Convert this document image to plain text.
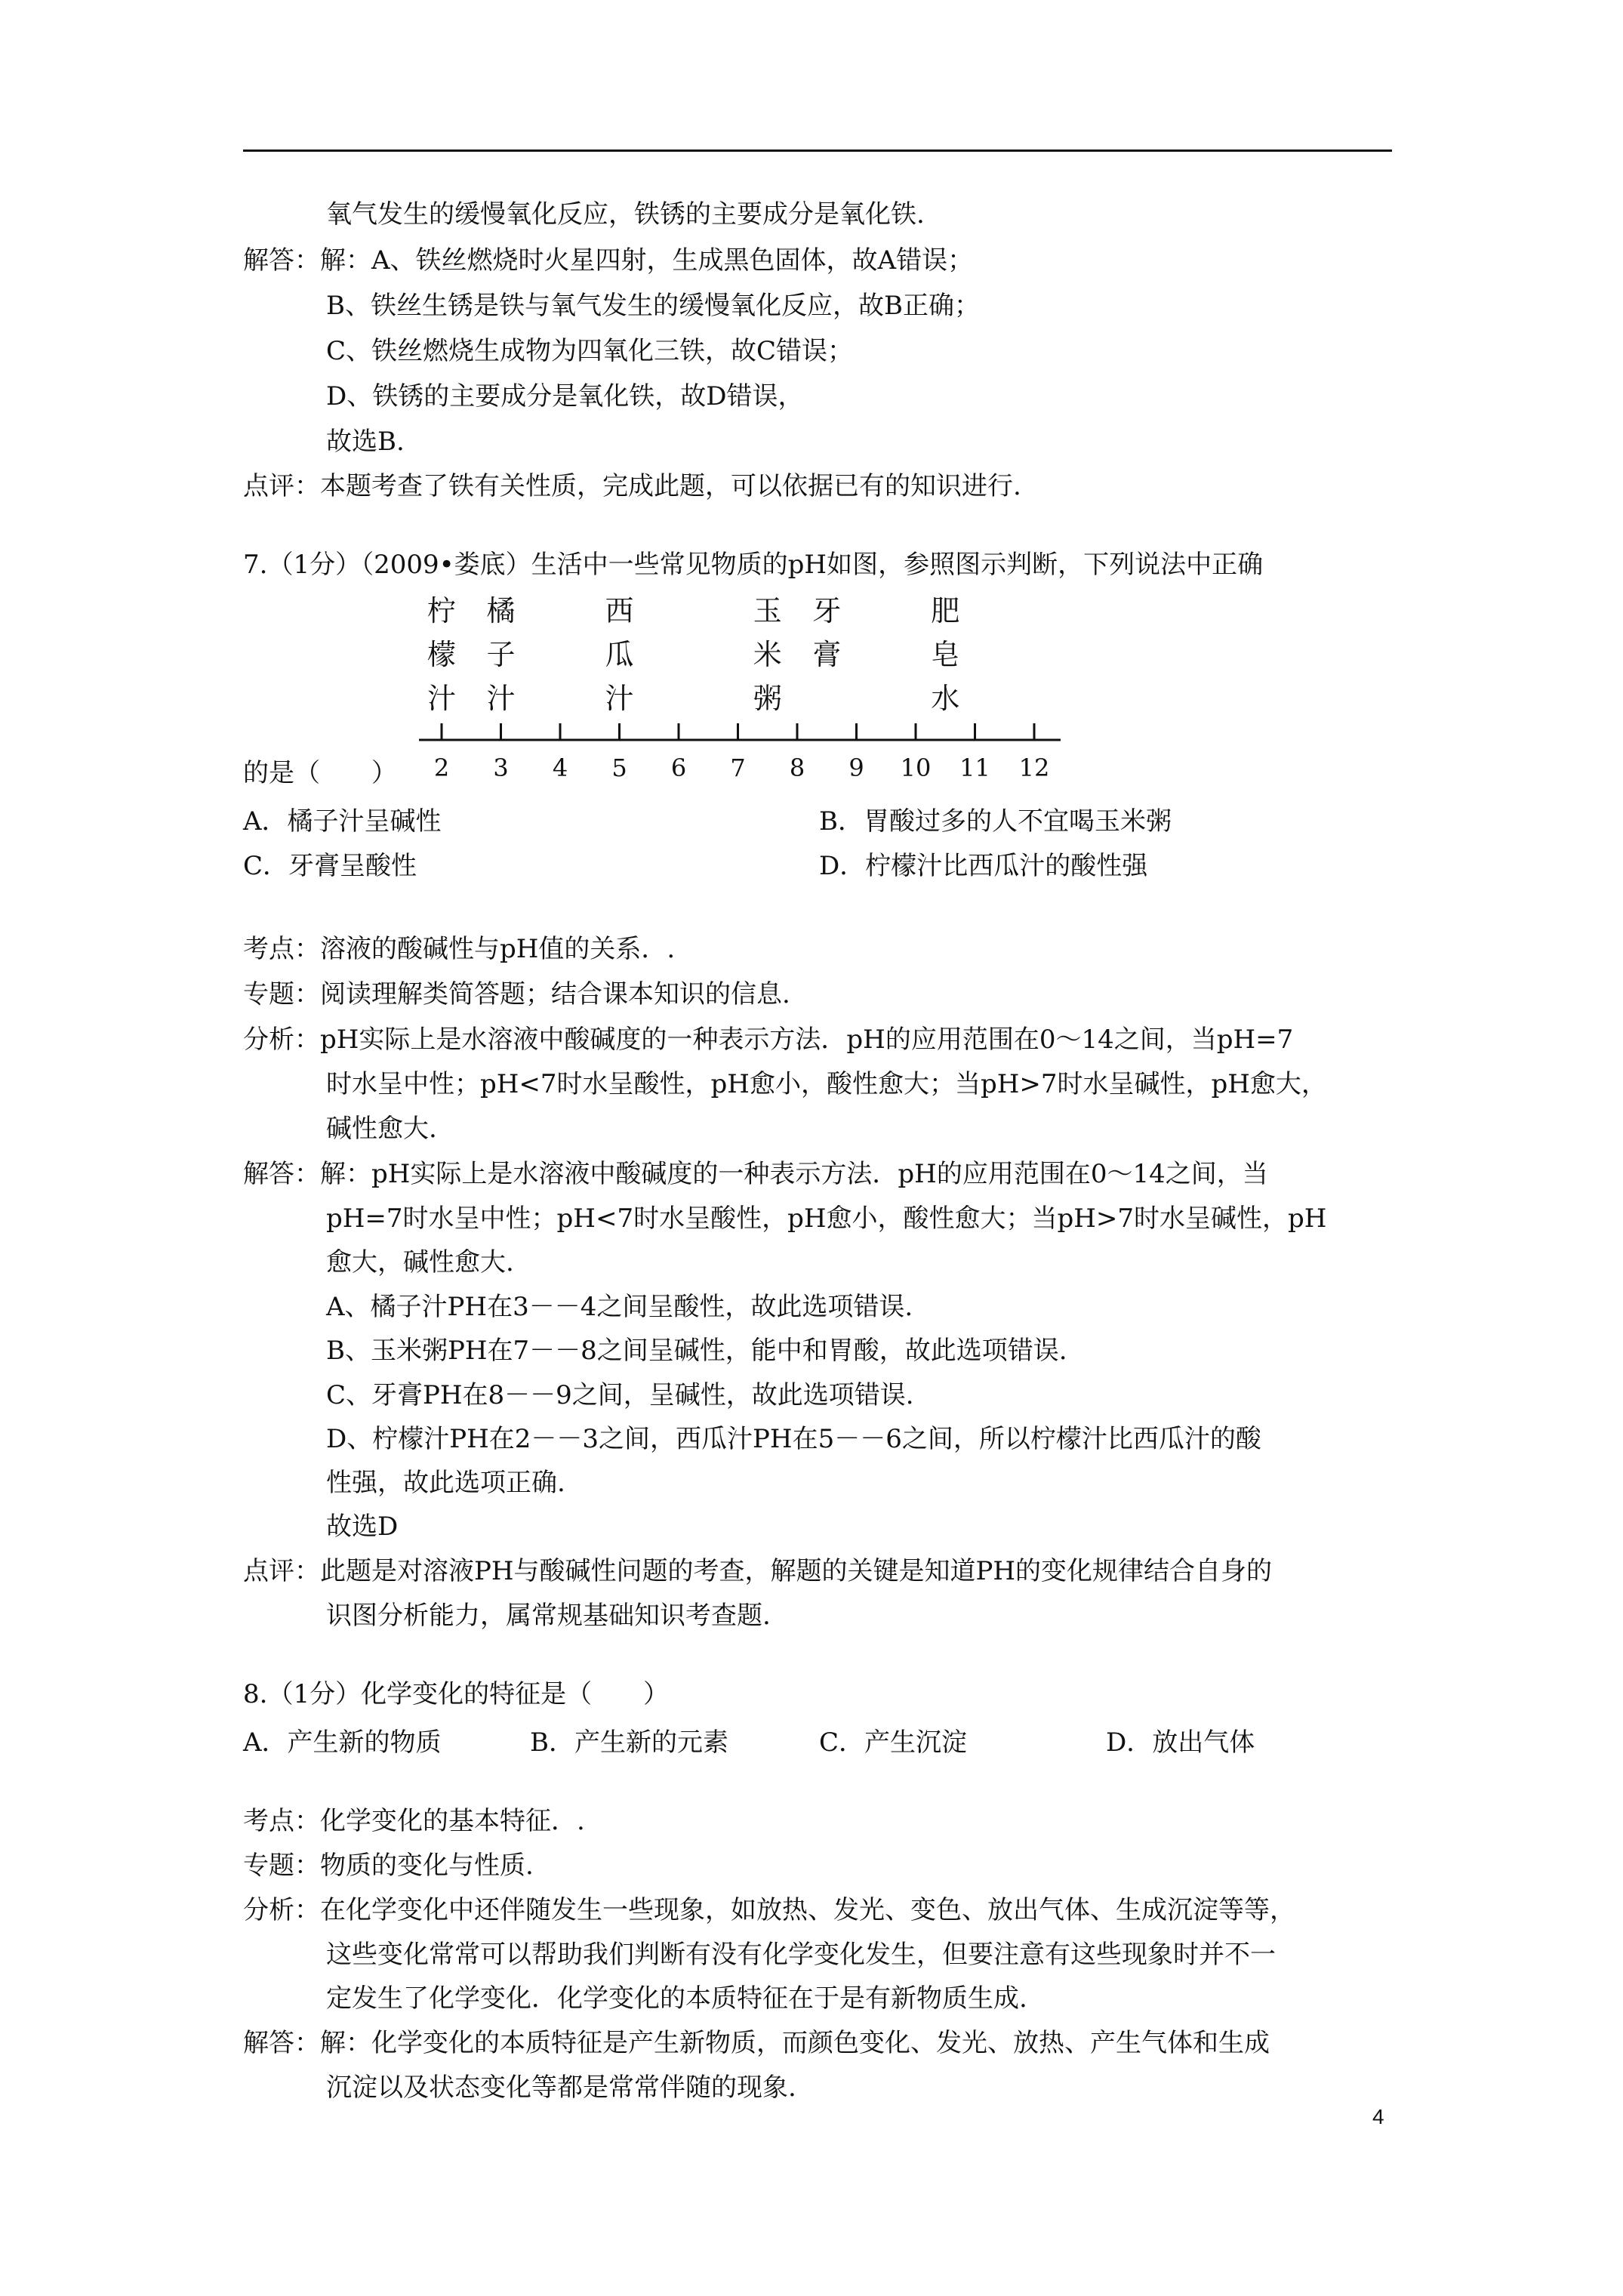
氧气发生的缓慢氧化反应，铁锈的主要成分是氧化铁.
解答：解：A、铁丝燃烧时火星四射，生成黑色固体，故A错误；
B、铁丝生锈是铁与氧气发生的缓慢氧化反应，故B正确；
C、铁丝燃烧生成物为四氧化三铁，故C错误；
D、铁锈的主要成分是氧化铁，故D错误，
故选B.
点评：本题考查了铁有关性质，完成此题，可以依据已有的知识进行.
7.（1分）（2009•娄底）生活中一些常见物质的pH如图，参照图示判断，下列说法中正确
2 3 4 5 6 7 8 9 10 11 12
柠
檬
汁
橘
子
汁
西
瓜
汁
玉
米
粥
牙
膏
肥
皂
水
的是（　　）
A．橘子汁呈碱性	B．胃酸过多的人不宜喝玉米粥
C．牙膏呈酸性	D．柠檬汁比西瓜汁的酸性强
考点：溶液的酸碱性与pH值的关系．.
专题：阅读理解类简答题；结合课本知识的信息.
分析：pH实际上是水溶液中酸碱度的一种表示方法．pH的应用范围在0～14之间，当pH=7
时水呈中性；pH<7时水呈酸性，pH愈小，酸性愈大；当pH>7时水呈碱性，pH愈大，
碱性愈大.
解答：解：pH实际上是水溶液中酸碱度的一种表示方法．pH的应用范围在0～14之间，当
pH=7时水呈中性；pH<7时水呈酸性，pH愈小，酸性愈大；当pH>7时水呈碱性，pH
愈大，碱性愈大.
A、橘子汁PH在3－－4之间呈酸性，故此选项错误.
B、玉米粥PH在7－－8之间呈碱性，能中和胃酸，故此选项错误.
C、牙膏PH在8－－9之间，呈碱性，故此选项错误.
D、柠檬汁PH在2－－3之间，西瓜汁PH在5－－6之间，所以柠檬汁比西瓜汁的酸
性强，故此选项正确.
故选D
点评：此题是对溶液PH与酸碱性问题的考查，解题的关键是知道PH的变化规律结合自身的
识图分析能力，属常规基础知识考查题.
8.（1分）化学变化的特征是（　　）
A．产生新的物质	B．产生新的元素	C．产生沉淀	D．放出气体
考点：化学变化的基本特征．.
专题：物质的变化与性质.
分析：在化学变化中还伴随发生一些现象，如放热、发光、变色、放出气体、生成沉淀等等，
这些变化常常可以帮助我们判断有没有化学变化发生，但要注意有这些现象时并不一
定发生了化学变化．化学变化的本质特征在于是有新物质生成.
解答：解：化学变化的本质特征是产生新物质，而颜色变化、发光、放热、产生气体和生成
沉淀以及状态变化等都是常常伴随的现象.
4
